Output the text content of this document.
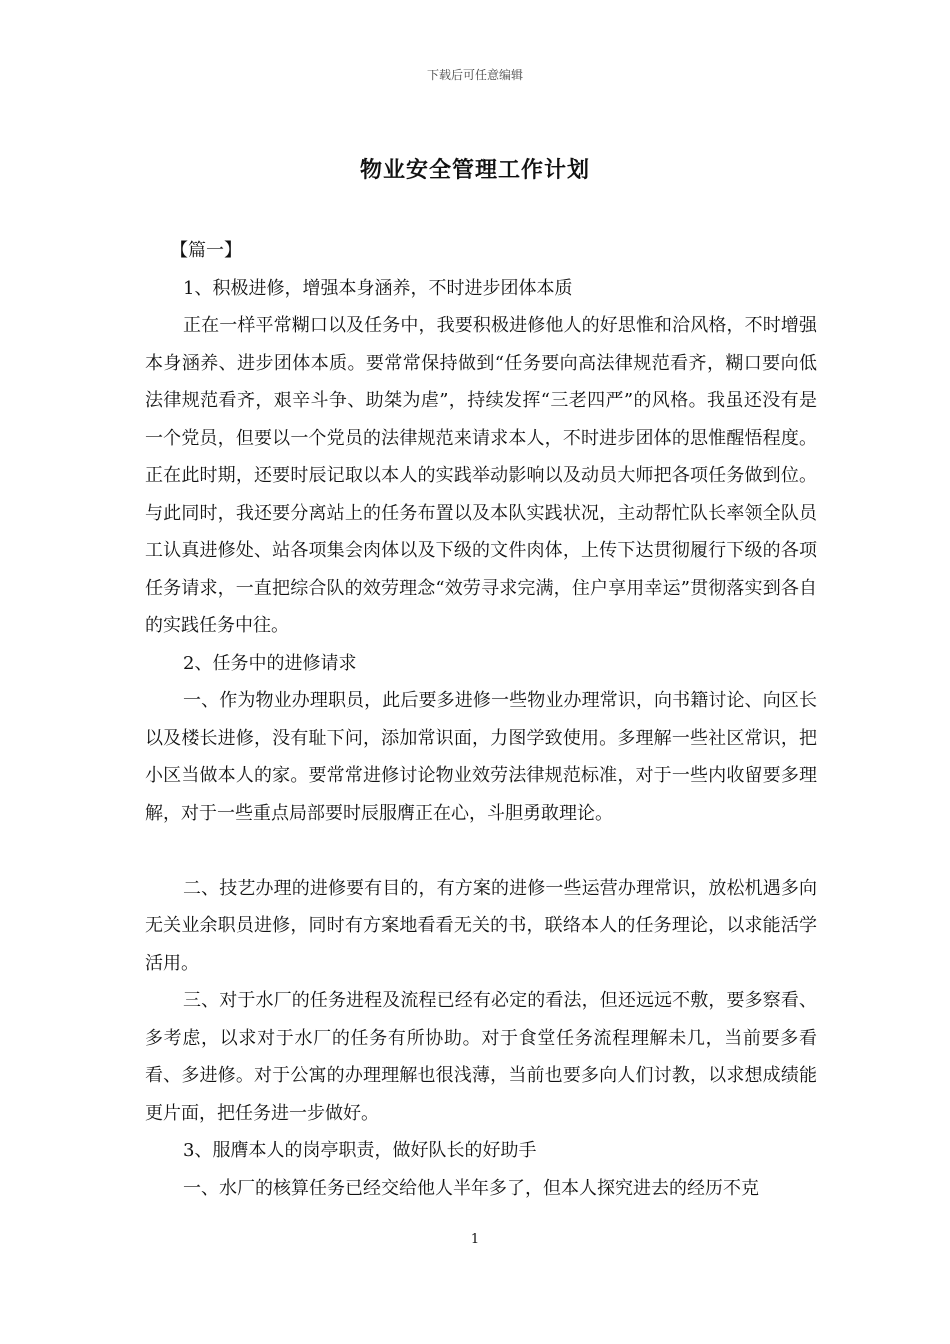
下载后可任意编辑
物业安全管理工作计划

【篇一】

1、积极进修，增强本身涵养，不时进步团体本质

正在一样平常糊口以及任务中，我要积极进修他人的好思惟和洽风格，不时增强本身涵养、进步团体本质。要常常保持做到“任务要向高法律规范看齐，糊口要向低法律规范看齐，艰辛斗争、助桀为虐”，持续发挥“三老四严”的风格。我虽还没有是一个党员，但要以一个党员的法律规范来请求本人，不时进步团体的思惟醒悟程度。正在此时期，还要时辰记取以本人的实践举动影响以及动员大师把各项任务做到位。与此同时，我还要分离站上的任务布置以及本队实践状况，主动帮忙队长率领全队员工认真进修处、站各项集会肉体以及下级的文件肉体，上传下达贯彻履行下级的各项任务请求，一直把综合队的效劳理念“效劳寻求完满，住户享用幸运”贯彻落实到各自的实践任务中往。

2、任务中的进修请求

一、作为物业办理职员，此后要多进修一些物业办理常识，向书籍讨论、向区长以及楼长进修，没有耻下问，添加常识面，力图学致使用。多理解一些社区常识，把小区当做本人的家。要常常进修讨论物业效劳法律规范标准，对于一些内收留要多理解，对于一些重点局部要时辰服膺正在心，斗胆勇敢理论。

二、技艺办理的进修要有目的，有方案的进修一些运营办理常识，放松机遇多向无关业余职员进修，同时有方案地看看无关的书，联络本人的任务理论，以求能活学活用。

三、对于水厂的任务进程及流程已经有必定的看法，但还远远不敷，要多察看、多考虑，以求对于水厂的任务有所协助。对于食堂任务流程理解未几，当前要多看看、多进修。对于公寓的办理理解也很浅薄，当前也要多向人们讨教，以求想成绩能更片面，把任务进一步做好。

3、服膺本人的岗亭职责，做好队长的好助手

一、水厂的核算任务已经交给他人半年多了，但本人探究进去的经历不克

1
